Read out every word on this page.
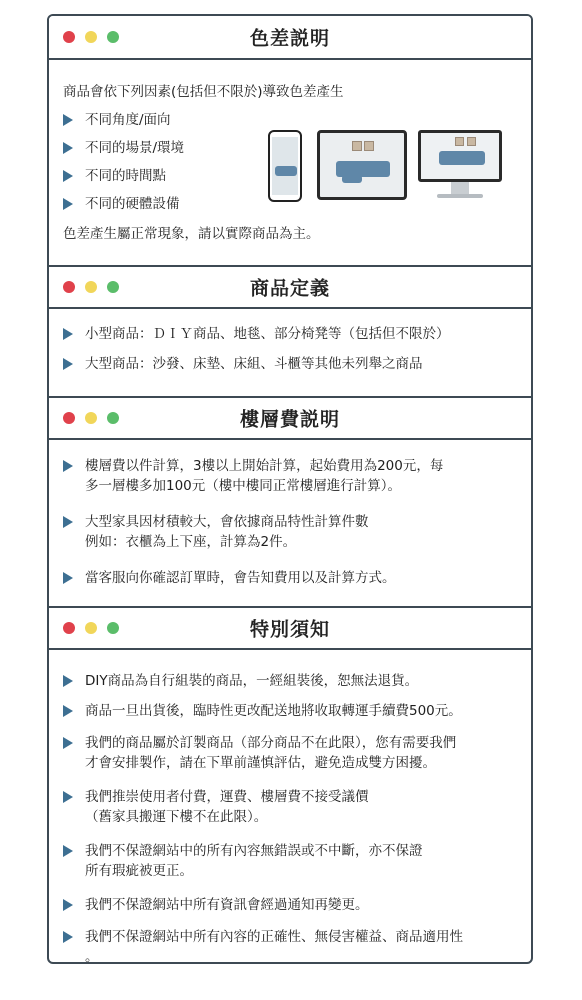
色差説明
商品會依下列因素(包括但不限於)導致色差產生
不同角度/面向
不同的場景/環境
不同的時間點
不同的硬體設備
色差產生屬正常現象，請以實際商品為主。
商品定義
小型商品：ＤＩＹ商品、地毯、部分椅凳等（包括但不限於）
大型商品：沙發、床墊、床組、斗櫃等其他未列舉之商品
樓層費説明
樓層費以件計算，3樓以上開始計算，起始費用為200元，每
多一層樓多加100元（樓中樓同正常樓層進行計算）。
大型家具因材積較大，會依據商品特性計算件數
例如：衣櫃為上下座，計算為2件。
當客服向你確認訂單時，會告知費用以及計算方式。
特別須知
DIY商品為自行組裝的商品，一經組裝後，恕無法退貨。
商品一旦出貨後，臨時性更改配送地將收取轉運手續費500元。
我們的商品屬於訂製商品（部分商品不在此限），您有需要我們
才會安排製作，請在下單前謹慎評估，避免造成雙方困擾。
我們推崇使用者付費，運費、樓層費不接受議價
（舊家具搬運下樓不在此限）。
我們不保證網站中的所有內容無錯誤或不中斷，亦不保證
所有瑕疵被更正。
我們不保證網站中所有資訊會經過通知再變更。
我們不保證網站中所有內容的正確性、無侵害權益、商品適用性
。
